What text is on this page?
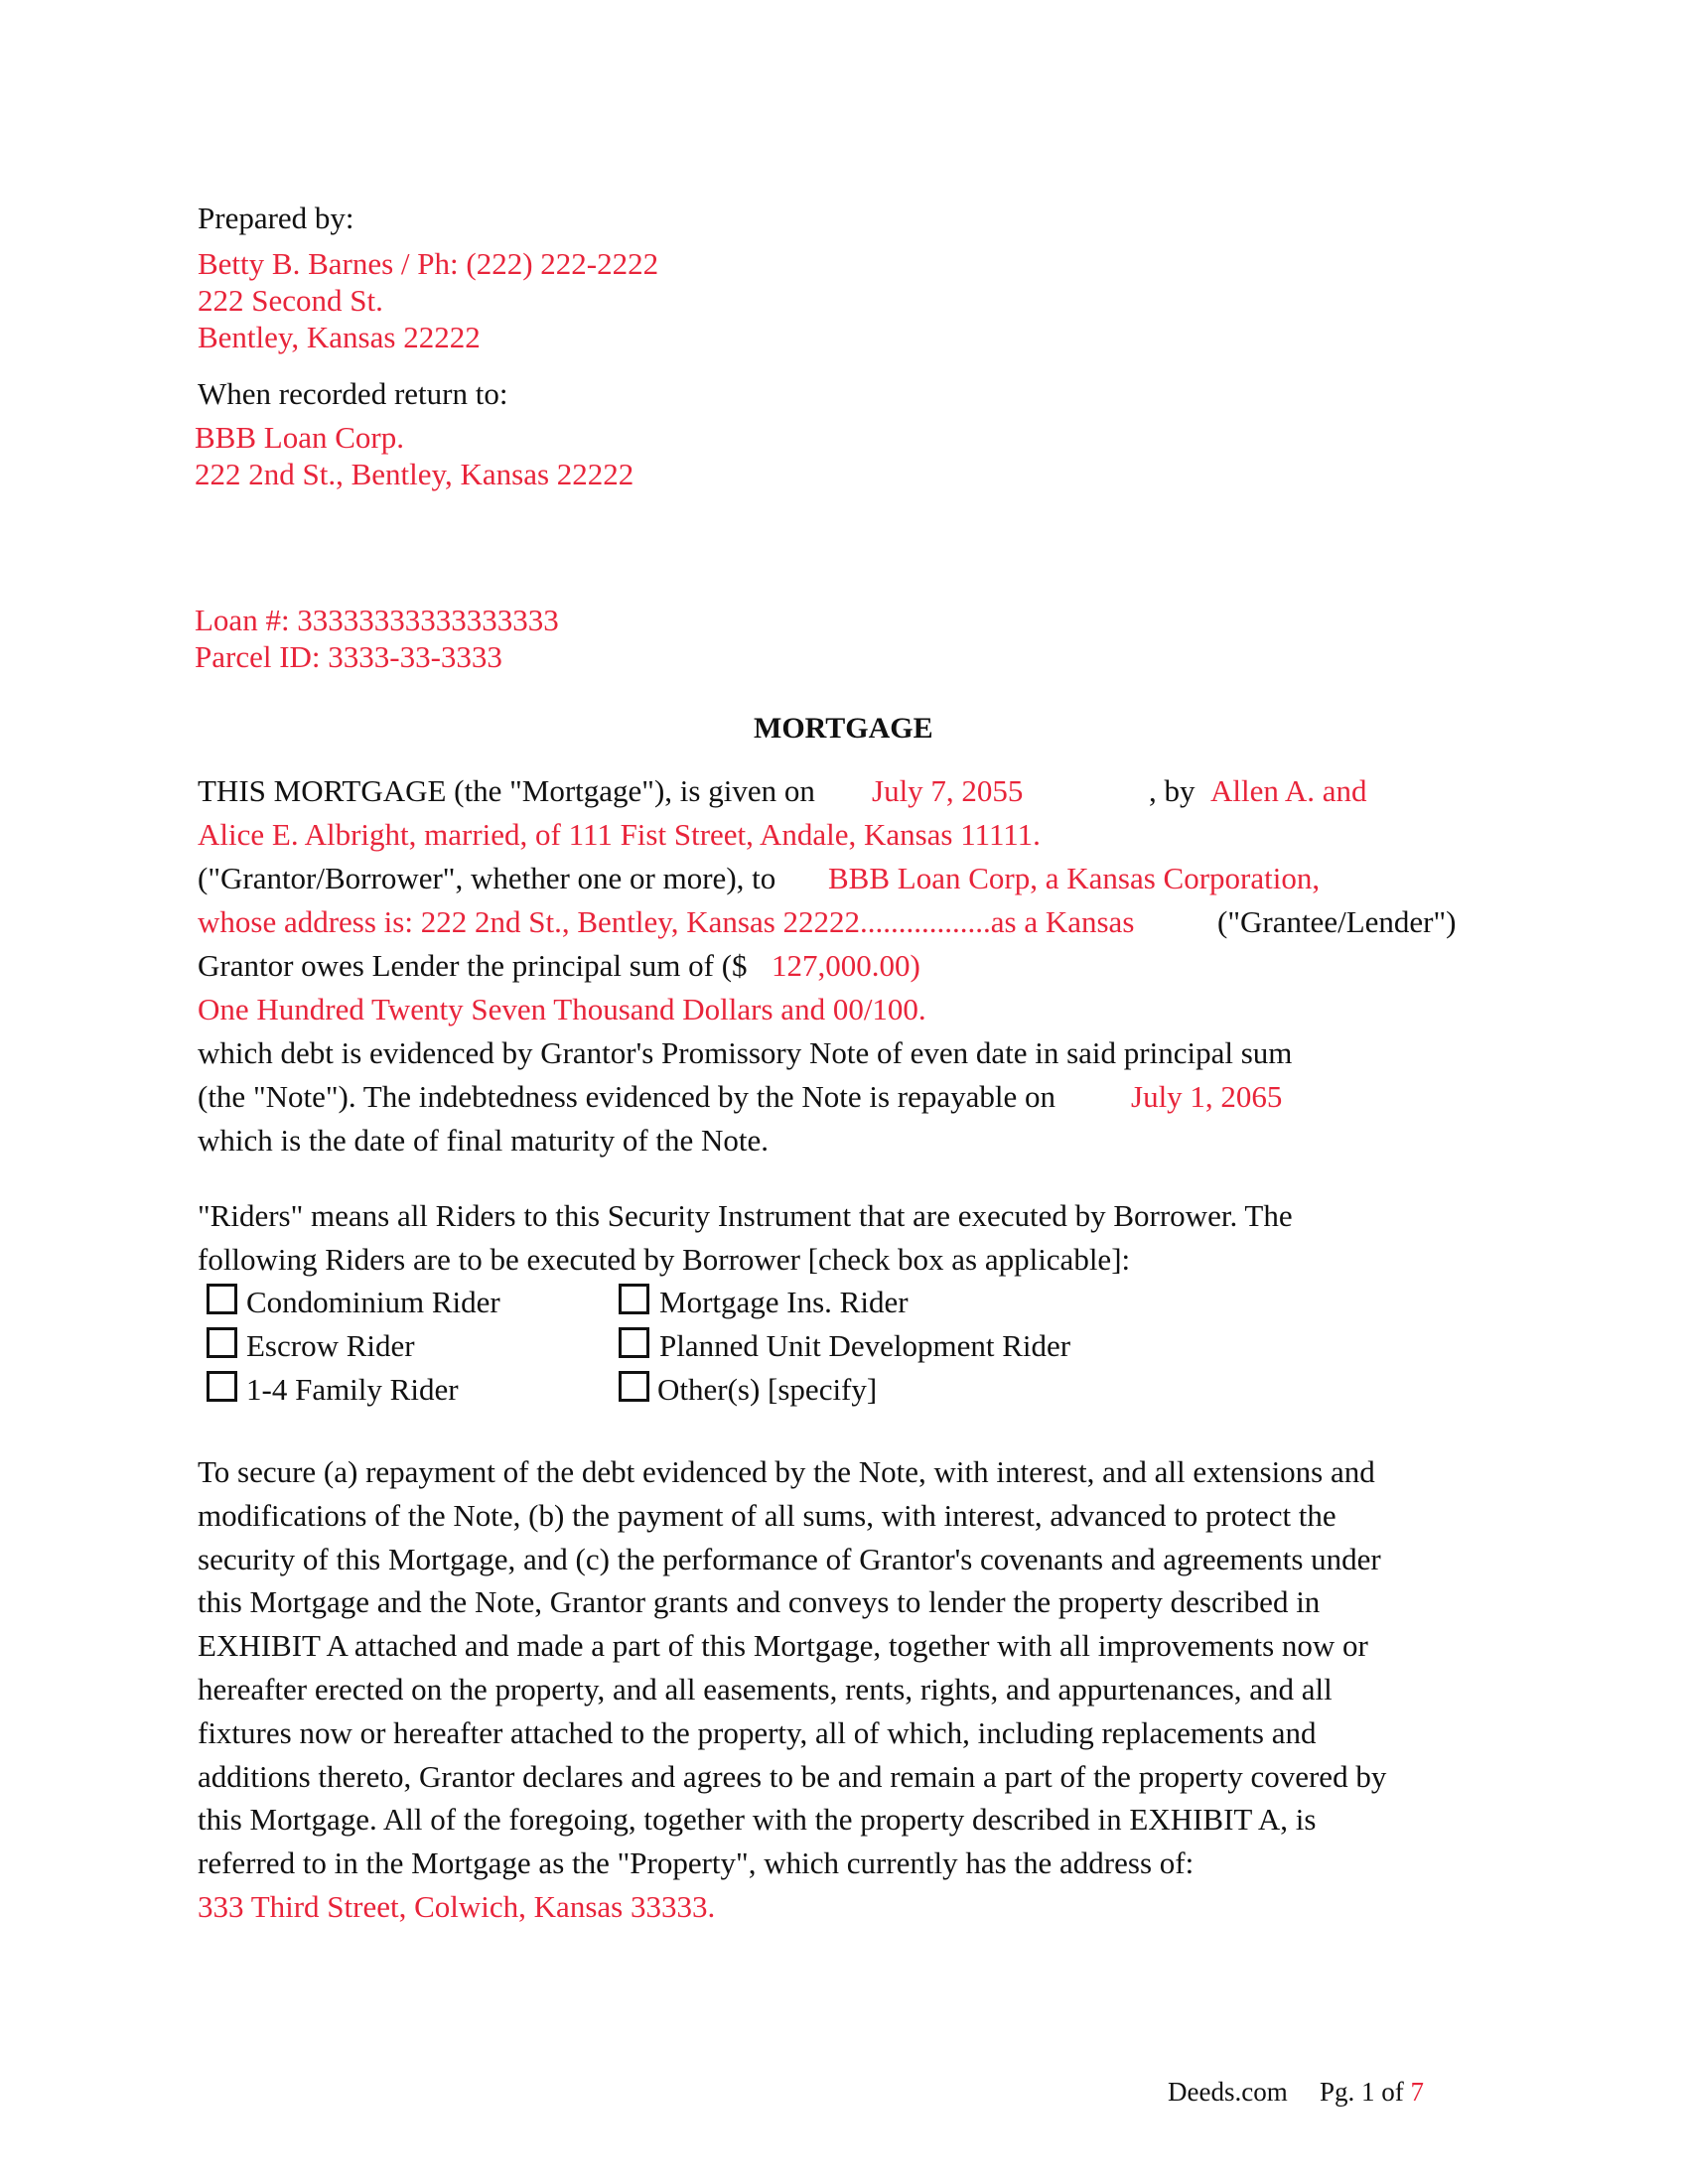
Prepared by:
Betty B. Barnes / Ph: (222) 222-2222
222 Second St.
Bentley, Kansas 22222
When recorded return to:
BBB Loan Corp.
222 2nd St., Bentley, Kansas 22222
Loan #: 33333333333333333
Parcel ID: 3333-33-3333
MORTGAGE
THIS MORTGAGE (the "Mortgage"), is given on July 7, 2055	, by Allen A. and
Alice E. Albright, married, of 111 Fist Street, Andale, Kansas 11111.
("Grantor/Borrower", whether one or more), to BBB Loan Corp, a Kansas Corporation,
whose address is: 222 2nd St., Bentley, Kansas 22222.................as a Kansas	("Grantee/Lender")
Grantor owes Lender the principal sum of ($ 127,000.00)
One Hundred Twenty Seven Thousand Dollars and 00/100.
which debt is evidenced by Grantor's Promissory Note of even date in said principal sum
(the "Note"). The indebtedness evidenced by the Note is repayable on July 1, 2065
which is the date of final maturity of the Note.
"Riders" means all Riders to this Security Instrument that are executed by Borrower. The
following Riders are to be executed by Borrower [check box as applicable]:
Condominium Rider	Mortgage Ins. Rider
Escrow Rider	Planned Unit Development Rider
1-4 Family Rider	Other(s) [specify]
To secure (a) repayment of the debt evidenced by the Note, with interest, and all extensions and
modifications of the Note, (b) the payment of all sums, with interest, advanced to protect the
security of this Mortgage, and (c) the performance of Grantor's covenants and agreements under
this Mortgage and the Note, Grantor grants and conveys to lender the property described in
EXHIBIT A attached and made a part of this Mortgage, together with all improvements now or
hereafter erected on the property, and all easements, rents, rights, and appurtenances, and all
fixtures now or hereafter attached to the property, all of which, including replacements and
additions thereto, Grantor declares and agrees to be and remain a part of the property covered by
this Mortgage. All of the foregoing, together with the property described in EXHIBIT A, is
referred to in the Mortgage as the "Property", which currently has the address of:
333 Third Street, Colwich, Kansas 33333.
Deeds.com Pg. 1 of 7
